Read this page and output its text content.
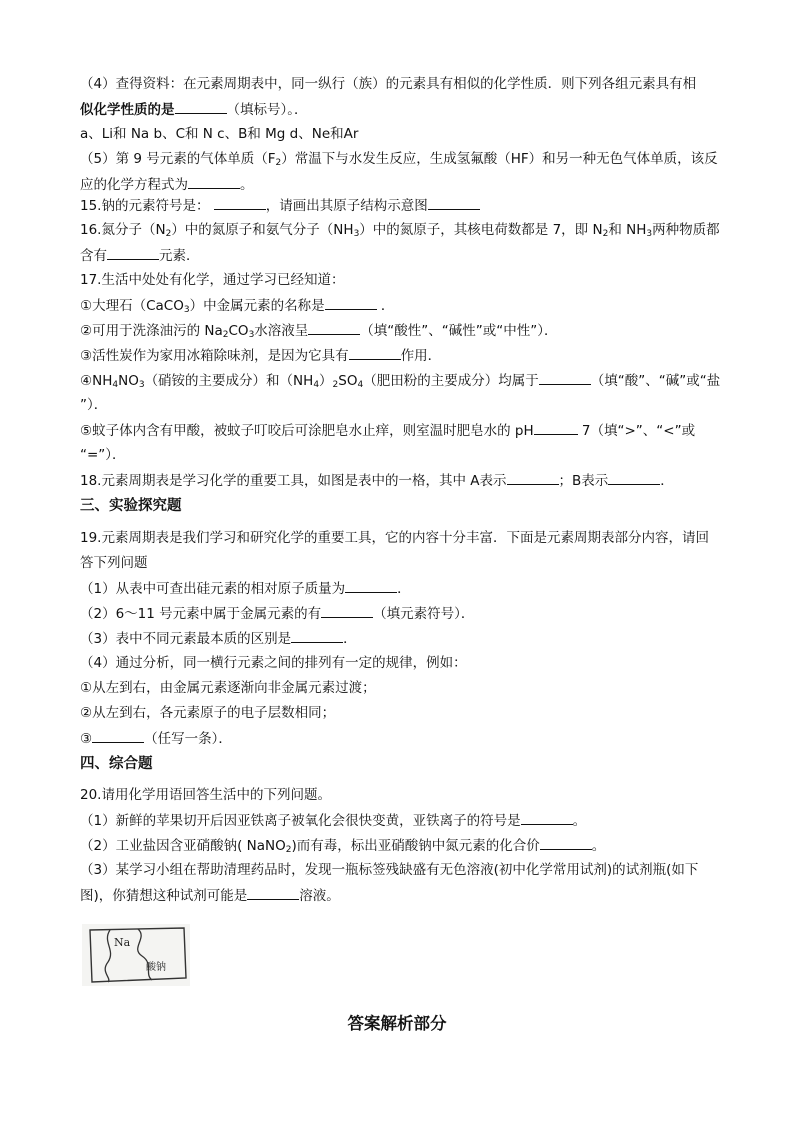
（4）查得资料：在元素周期表中，同一纵行（族）的元素具有相似的化学性质．则下列各组元素具有相

似化学性质的是	（填标号）。．

a、Li和 Na b、C和 N c、B和 Mg d、Ne和Ar

（5）第 9 号元素的气体单质$(F_2)$常温下与水发生反应，生成氢氟酸（HF）和另一种无色气体单质，该反

应的化学方程式为	。

15.钠的元素符号是：	，请画出其原子结构示意图

16.氮分子$(N_2)$中的氮原子和氨气分子$(NH_3)$中的氮原子，其核电荷数都是 7，即 $N_2$和 $NH_3$两种物质都

含有	元素．

17.生活中处处有化学，通过学习已经知道：

①大理石（CaCO$_3$）中金属元素的名称是	．

②可用于洗涤油污的 $Na_2CO_3$水溶液呈	（填“酸性”、“碱性”或“中性”）．

③活性炭作为家用冰箱除味剂，是因为它具有	作用．

$④NH_4NO_3$（硝铵的主要成分）和$(NH_4)_2SO_4$（肥田粉的主要成分）均属于	（填“酸”、“碱”或“盐

”）．

⑤蚊子体内含有甲酸，被蚊子叮咬后可涂肥皂水止痒，则室温时肥皂水的 pH	7（填“>”、“<”或

“=”）．

18.元素周期表是学习化学的重要工具，如图是表中的一格，其中 A表示	；B表示	．

三、实验探究题

19.元素周期表是我们学习和研究化学的重要工具，它的内容十分丰富．下面是元素周期表部分内容，请回

答下列问题

（1）从表中可查出硅元素的相对原子质量为	．

（2）6～11 号元素中属于金属元素的有	（填元素符号）．

（3）表中不同元素最本质的区别是	．

（4）通过分析，同一横行元素之间的排列有一定的规律，例如：

①从左到右，由金属元素逐渐向非金属元素过渡；

②从左到右，各元素原子的电子层数相同；

③	（任写一条）．

四、综合题

20.请用化学用语回答生活中的下列问题。

（1）新鲜的苹果切开后因亚铁离子被氧化会很快变黄，亚铁离子的符号是	。

（2）工业盐因含亚硝酸钠( NaNO$_2$)而有毒，标出亚硝酸钠中氮元素的化合价	。

（3）某学习小组在帮助清理药品时，发现一瓶标签残缺盛有无色溶液(初中化学常用试剂)的试剂瓶(如下

图)，你猜想这种试剂可能是	溶液。

Na
酸钠
答案解析部分
